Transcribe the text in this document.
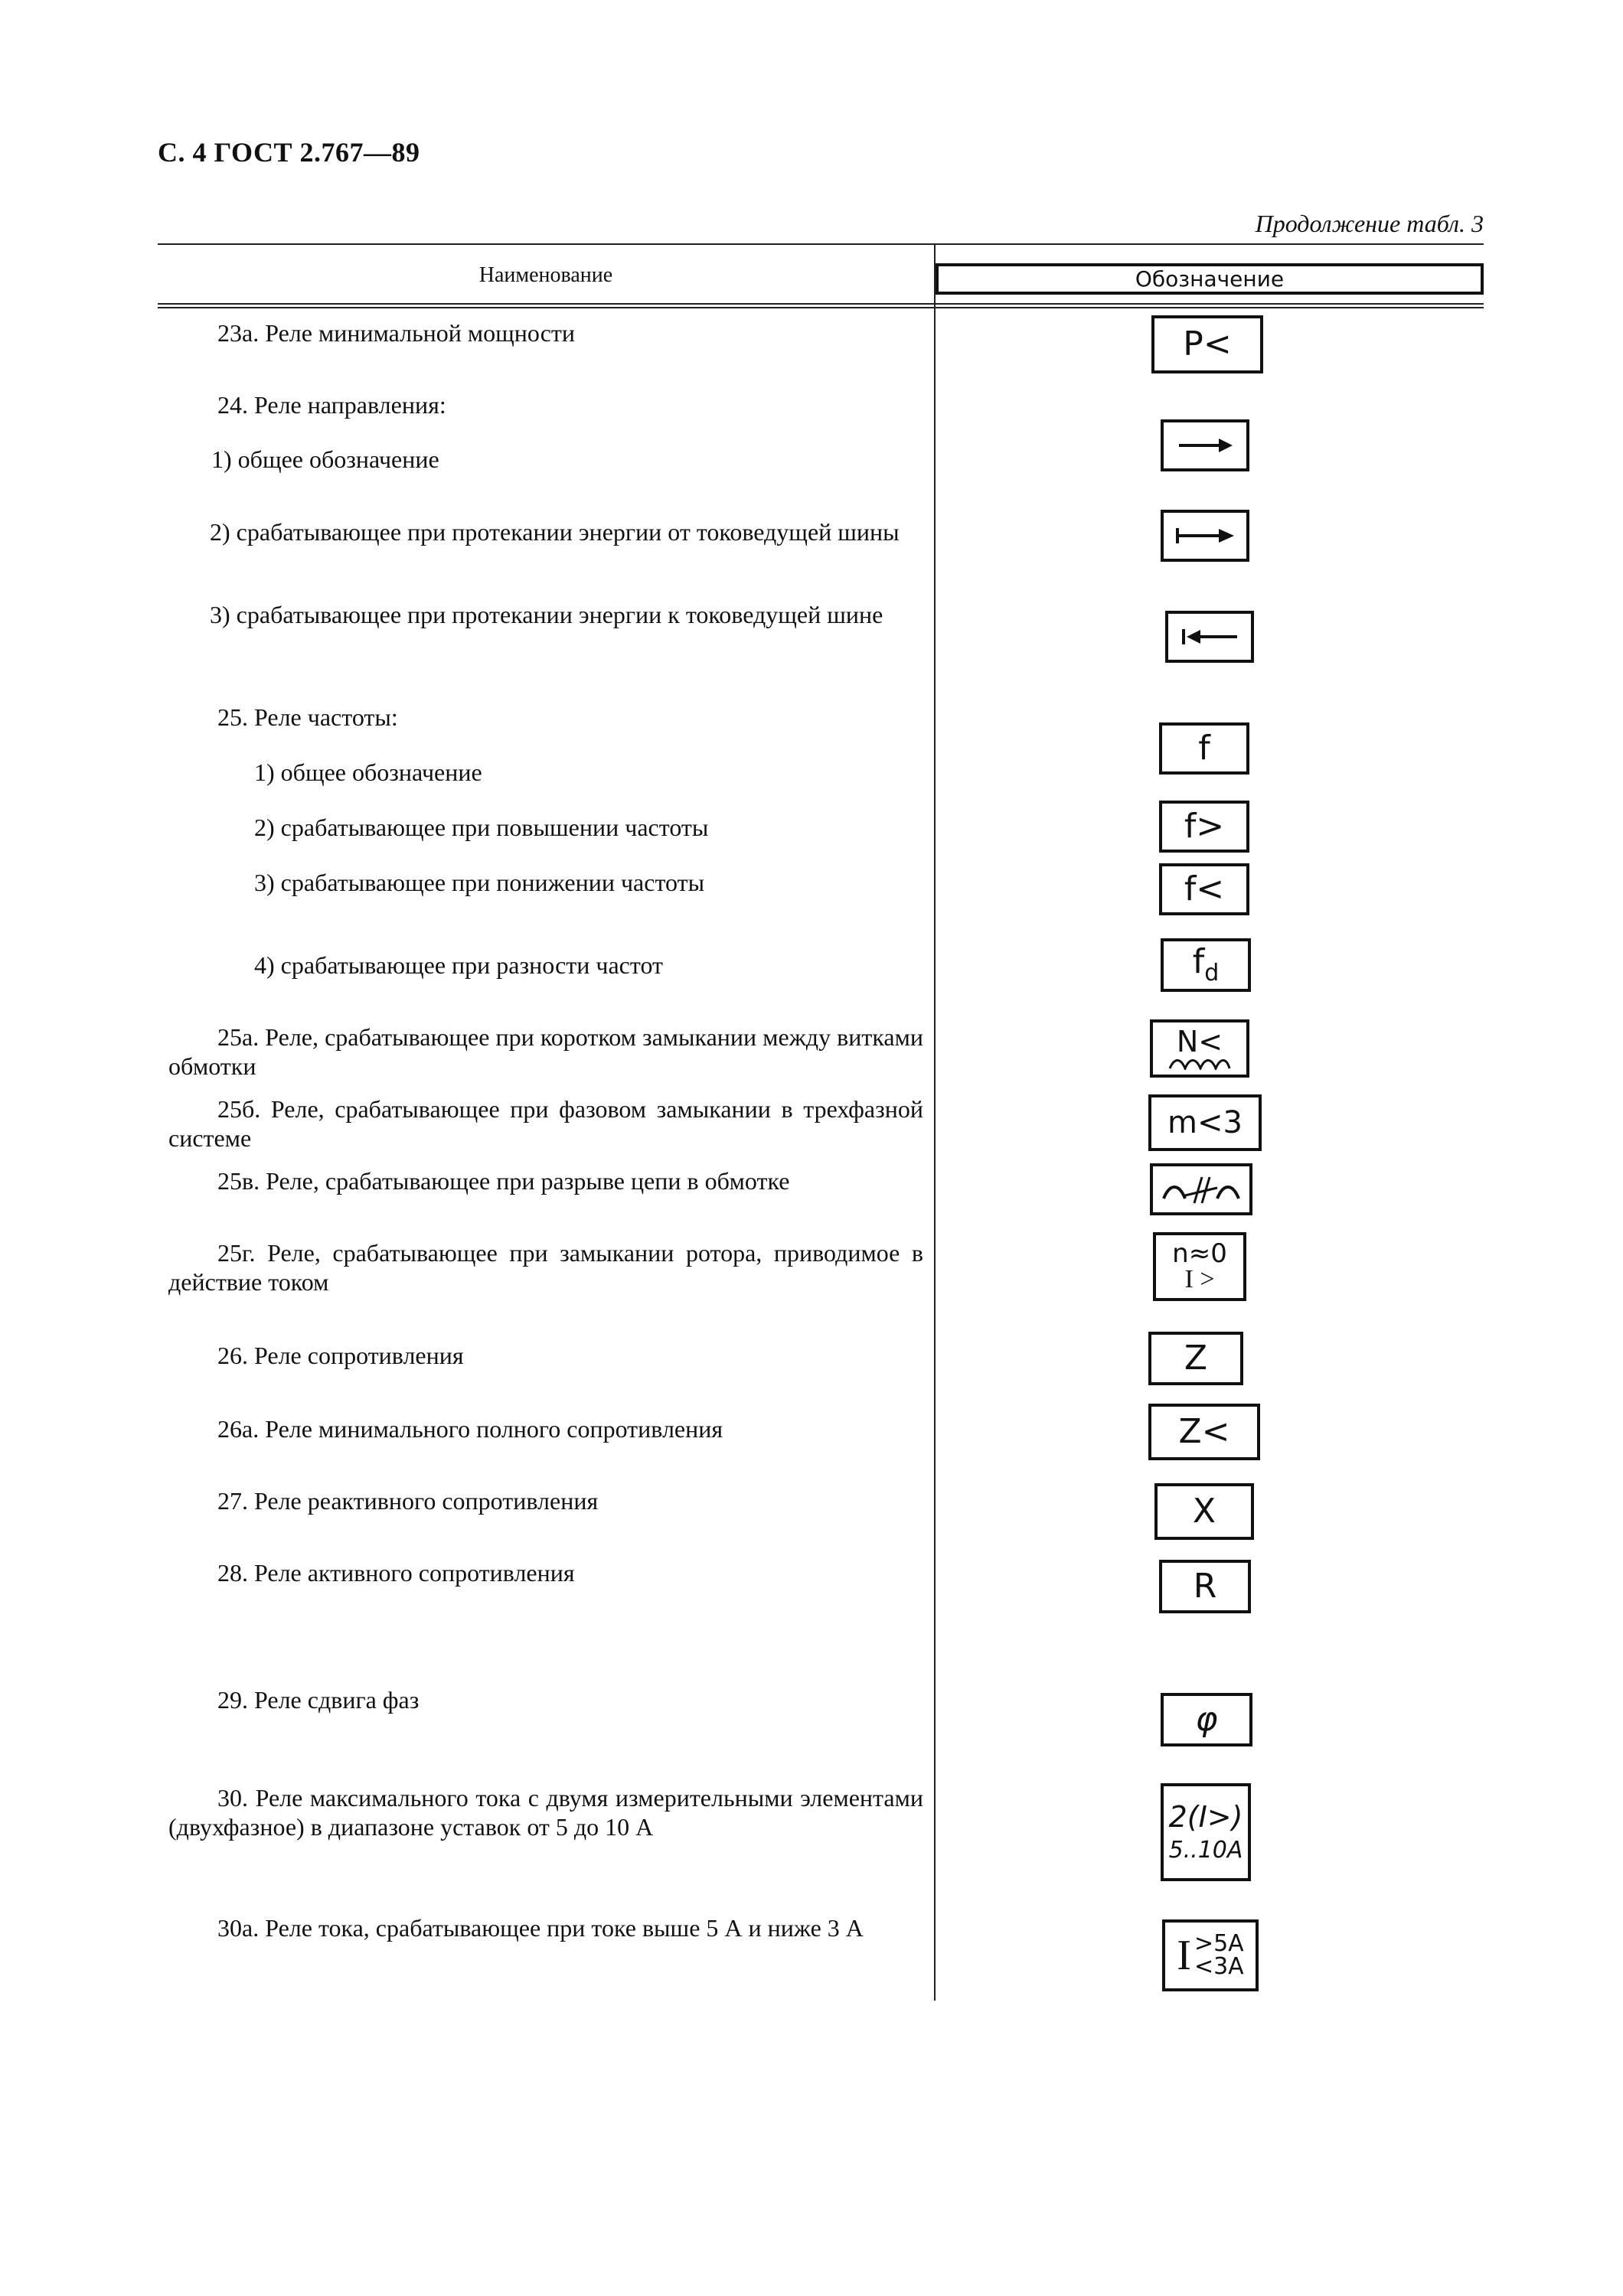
С. 4 ГОСТ 2.767—89
Продолжение табл. 3
Наименование	Обозначение
23а. Реле минимальной мощности
24. Реле направления:
1) общее обозначение
2) срабатывающее при протекании энергии от токоведущей шины
3) срабатывающее при протекании энергии к токоведущей шине
25. Реле частоты:
1) общее обозначение
2) срабатывающее при повышении частоты
3) срабатывающее при понижении частоты
4) срабатывающее при разности частот
25а. Реле, срабатывающее при коротком замыкании между витками обмотки
25б. Реле, срабатывающее при фазовом замыкании в трехфазной системе
25в. Реле, срабатывающее при разрыве цепи в обмотке
25г. Реле, срабатывающее при замыкании ротора, приводимое в действие током
26. Реле сопротивления
26а. Реле минимального полного сопротивления
27. Реле реактивного сопротивления
28. Реле активного сопротивления
29. Реле сдвига фаз
30. Реле максимального тока с двумя измерительными элементами (двухфазное) в диапазоне уставок от 5 до 10 А
30а. Реле тока, срабатывающее при токе выше 5 А и ниже 3 А
P<
f
f>
f<
$f_d$
N<
m<3
n≈0
I >
Z
Z<
X
R
φ
2(I>)
5..10A
I >5A
<3A
